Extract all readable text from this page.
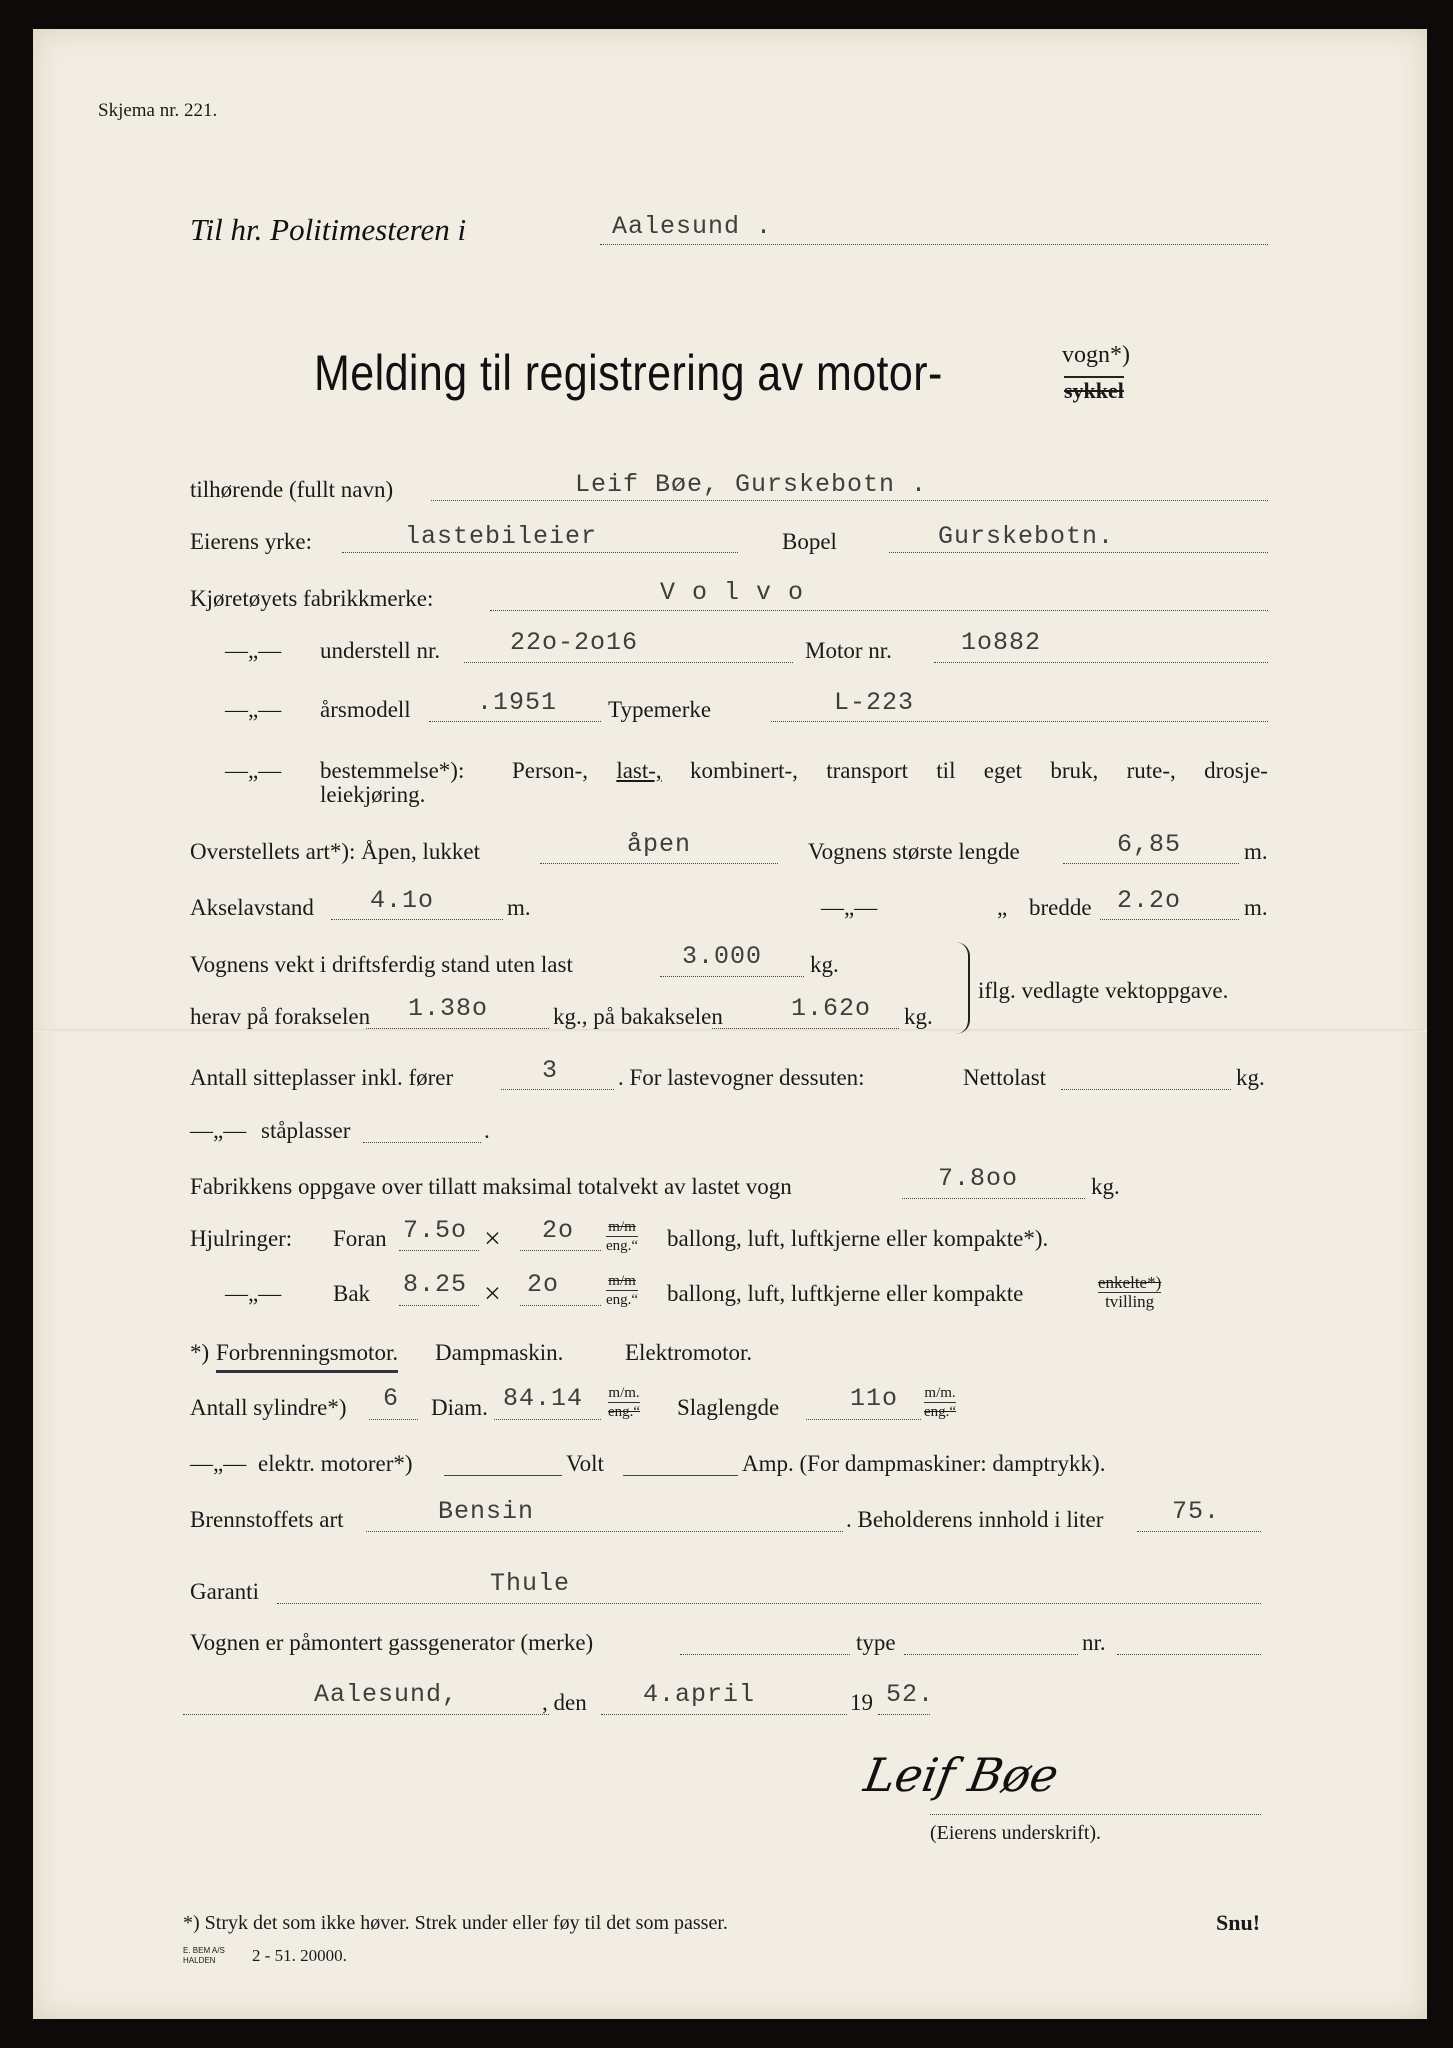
Skjema nr. 221.
Til hr. Politimesteren i	Aalesund .
Melding til registrering av motor-	vogn*)
sykkel
tilhørende (fullt navn)	Leif Bøe, Gurskebotn .
Eierens yrke:	lastebileier	Bopel	Gurskebotn.
Kjøretøyets fabrikkmerke:	V o l v o
—„— understell nr.	22o-2o16	Motor nr.	1o882
—„— årsmodell	.1951 Typemerke	L-223
—„— bestemmelse*): Person-, last-, kombinert-, transport til eget bruk, rute-, drosje-
leiekjøring.
Overstellets art*): Åpen, lukket	åpen	Vognens største lengde	6,85	m.
Akselavstand 4.1o	m.	—„—	„ bredde 2.2o	m.
Vognens vekt i driftsferdig stand uten last	3.000 kg.
herav på forakselen 1.38o	kg., på bakakselen	1.62o kg.
iflg. vedlagte vektoppgave.
Antall sitteplasser inkl. fører	3	. For lastevogner dessuten:	Nettolast	kg.
—„— ståplasser	.
Fabrikkens oppgave over tillatt maksimal totalvekt av lastet vogn	7.8oo	kg.
Hjulringer: Foran 7.5o × 2o m/m
eng.“ ballong, luft, luftkjerne eller kompakte*).
—„— Bak 8.25 × 2o	m/m
eng.“ ballong, luft, luftkjerne eller kompakte	enkelte*)
tvilling
*) Forbrenningsmotor. Dampmaskin.	Elektromotor.
Antall sylindre*) 6 Diam. 84.14 m/m.
eng.“ Slaglengde	11o m/m.
eng.“
—„— elektr. motorer*)	Volt	Amp. (For dampmaskiner: damptrykk).
Brennstoffets art	Bensin	. Beholderens innhold i liter	75.
Garanti	Thule
Vognen er påmontert gassgenerator (merke)	type	nr.
Aalesund,	, den 4.april	19 52.
Leif Bøe
(Eierens underskrift).
*) Stryk det som ikke høver. Strek under eller føy til det som passer.	Snu!
E. BEM A/S
HALDEN	2 - 51. 20000.
